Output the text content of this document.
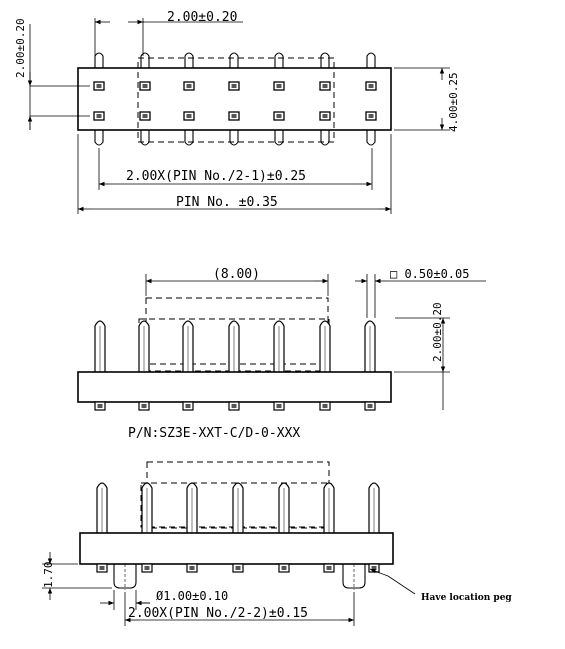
2.00±0.20
2.00±0.20
4.00±0.25
2.00X(PIN No./2-1)±0.25
PIN No. ±0.35
(8.00)	□ 0.50±0.05
2.00±0.20
P/N:SZ3E-XXT-C/D-0-XXX
1.70
Ø1.00±0.10
2.00X(PIN No./2-2)±0.15
Have location peg
